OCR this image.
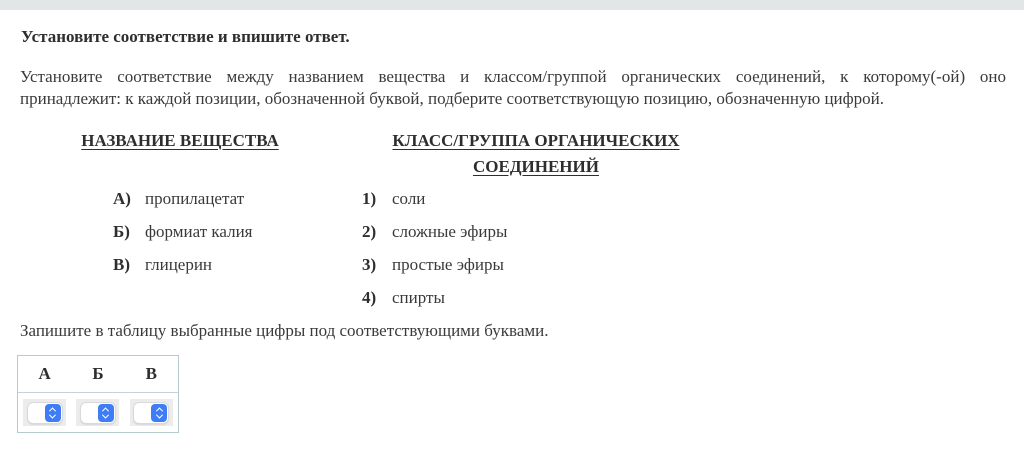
Установите соответствие и впишите ответ.
Установите соответствие между названием вещества и классом/группой органических соединений, к которому(-ой) оно
принадлежит: к каждой позиции, обозначенной буквой, подберите соответствующую позицию, обозначенную цифрой.
НАЗВАНИЕ ВЕЩЕСТВА	КЛАСС/ГРУППА ОРГАНИЧЕСКИХ
СОЕДИНЕНИЙ
А) пропилацетат
Б) формиат калия
В) глицерин
1) соли
2) сложные эфиры
3) простые эфиры
4) спирты
Запишите в таблицу выбранные цифры под соответствующими буквами.
А	Б	В
